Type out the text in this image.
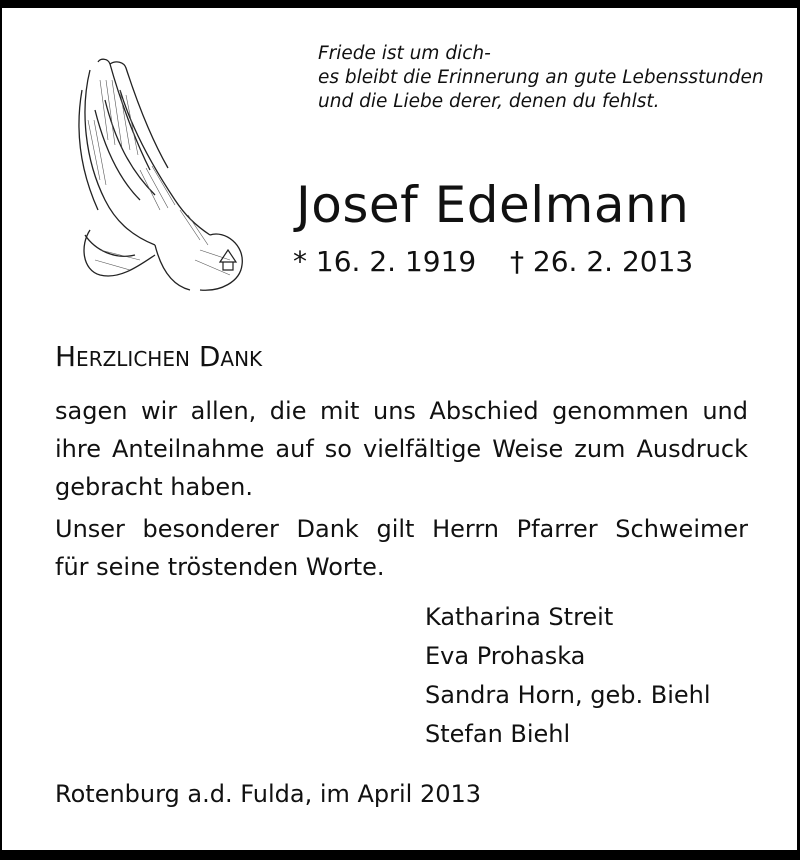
Friede ist um dich-
es bleibt die Erinnerung an gute Lebensstunden
und die Liebe derer, denen du fehlst.
Josef Edelmann
* 16. 2. 1919 † 26. 2. 2013
Herzlichen Dank
sagen wir allen, die mit uns Abschied genommen und
ihre Anteilnahme auf so vielfältige Weise zum Ausdruck
gebracht haben.
Unser besonderer Dank gilt Herrn Pfarrer Schweimer
für seine tröstenden Worte.
Katharina Streit
Eva Prohaska
Sandra Horn, geb. Biehl
Stefan Biehl
Rotenburg a.d. Fulda, im April 2013
